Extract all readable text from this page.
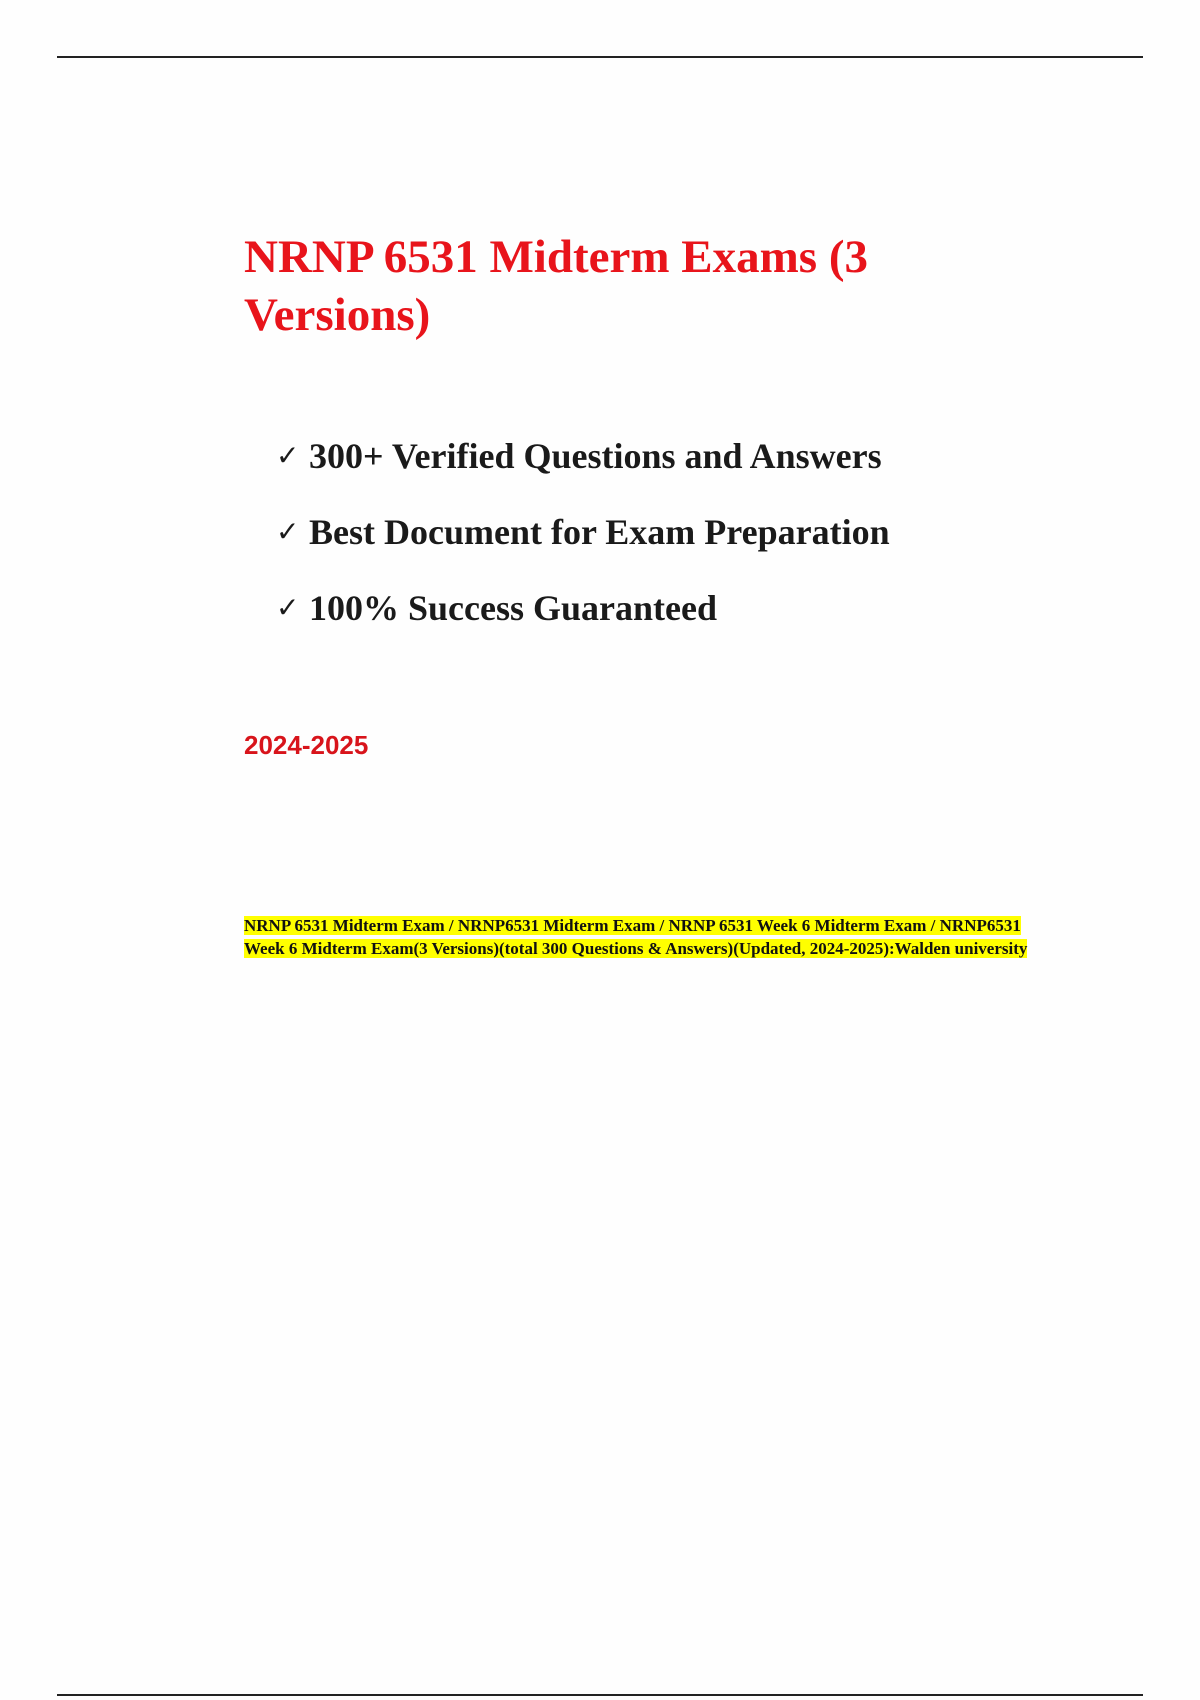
NRNP 6531 Midterm Exams (3 Versions)
✓ 300+ Verified Questions and Answers
✓ Best Document for Exam Preparation
✓ 100% Success Guaranteed

2024-2025

NRNP 6531 Midterm Exam / NRNP6531 Midterm Exam / NRNP 6531 Week 6 Midterm Exam / NRNP6531 Week 6 Midterm Exam(3 Versions)(total 300 Questions & Answers)(Updated, 2024-2025):Walden university
